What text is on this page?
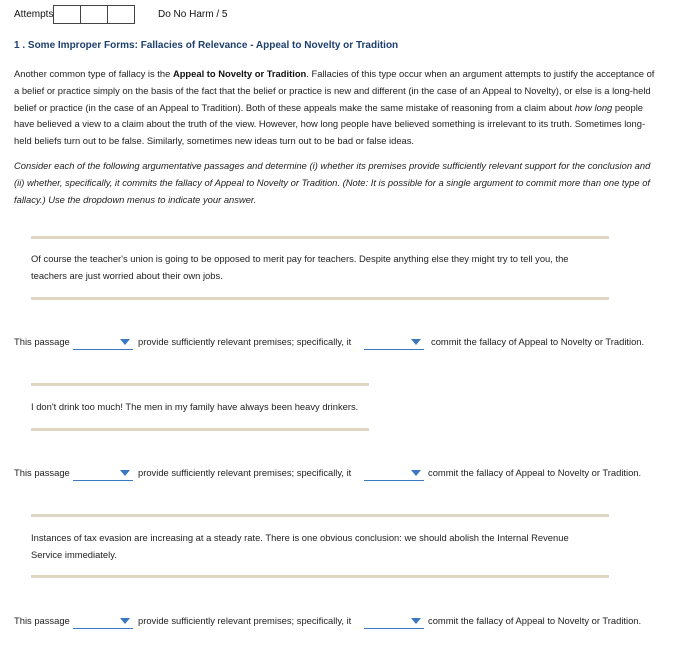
Attempts	Do No Harm / 5
1 . Some Improper Forms: Fallacies of Relevance - Appeal to Novelty or Tradition
Another common type of fallacy is the Appeal to Novelty or Tradition. Fallacies of this type occur when an argument attempts to justify the acceptance of a belief or practice simply on the basis of the fact that the belief or practice is new and different (in the case of an Appeal to Novelty), or else is a long-held belief or practice (in the case of an Appeal to Tradition). Both of these appeals make the same mistake of reasoning from a claim about how long people have believed a view to a claim about the truth of the view. However, how long people have believed something is irrelevant to its truth. Sometimes long-held beliefs turn out to be false. Similarly, sometimes new ideas turn out to be bad or false ideas.
Consider each of the following argumentative passages and determine (i) whether its premises provide sufficiently relevant support for the conclusion and (ii) whether, specifically, it commits the fallacy of Appeal to Novelty or Tradition. (Note: It is possible for a single argument to commit more than one type of fallacy.) Use the dropdown menus to indicate your answer.
Of course the teacher's union is going to be opposed to merit pay for teachers. Despite anything else they might try to tell you, the teachers are just worried about their own jobs.
This passage	provide sufficiently relevant premises; specifically, it	commit the fallacy of Appeal to Novelty or Tradition.
I don't drink too much! The men in my family have always been heavy drinkers.
This passage	provide sufficiently relevant premises; specifically, it	commit the fallacy of Appeal to Novelty or Tradition.
Instances of tax evasion are increasing at a steady rate. There is one obvious conclusion: we should abolish the Internal Revenue Service immediately.
This passage	provide sufficiently relevant premises; specifically, it	commit the fallacy of Appeal to Novelty or Tradition.
